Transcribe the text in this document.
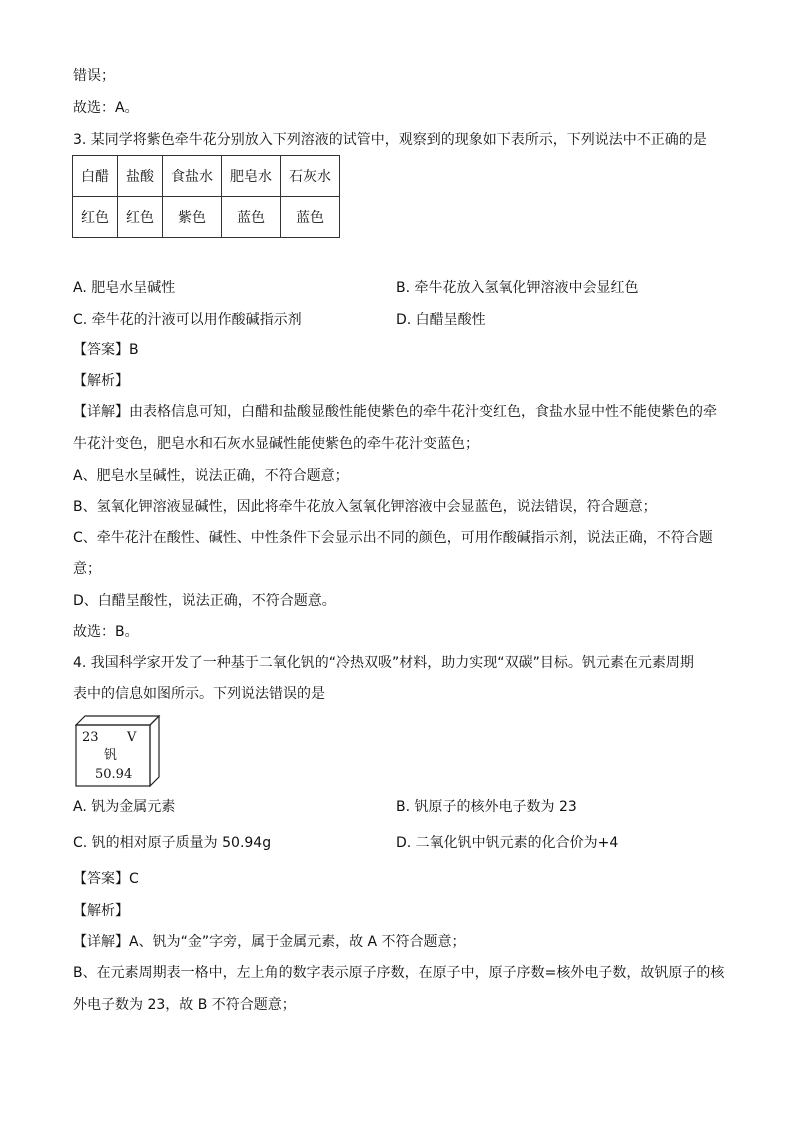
错误；
故选：A。
3. 某同学将紫色牵牛花分别放入下列溶液的试管中，观察到的现象如下表所示，下列说法中不正确的是
白醋	盐酸	食盐水	肥皂水	石灰水
红色	红色	紫色	蓝色	蓝色
A. 肥皂水呈碱性	B. 牵牛花放入氢氧化钾溶液中会显红色
C. 牵牛花的汁液可以用作酸碱指示剂	D. 白醋呈酸性
【答案】B
【解析】
【详解】由表格信息可知，白醋和盐酸显酸性能使紫色的牵牛花汁变红色，食盐水显中性不能使紫色的牵
牛花汁变色，肥皂水和石灰水显碱性能使紫色的牵牛花汁变蓝色；
A、肥皂水呈碱性，说法正确，不符合题意；
B、氢氧化钾溶液显碱性，因此将牵牛花放入氢氧化钾溶液中会显蓝色，说法错误，符合题意；
C、牵牛花汁在酸性、碱性、中性条件下会显示出不同的颜色，可用作酸碱指示剂，说法正确，不符合题
意；
D、白醋呈酸性，说法正确，不符合题意。
故选：B。
4. 我国科学家开发了一种基于二氧化钒的“冷热双吸”材料，助力实现“双碳”目标。钒元素在元素周期
表中的信息如图所示。下列说法错误的是
23 V
钒
50.94
A. 钒为金属元素	B. 钒原子的核外电子数为 23
C. 钒的相对原子质量为 50.94g	D. 二氧化钒中钒元素的化合价为+4
【答案】C
【解析】
【详解】A、钒为“金”字旁，属于金属元素，故 A 不符合题意；
B、在元素周期表一格中，左上角的数字表示原子序数，在原子中，原子序数=核外电子数，故钒原子的核
外电子数为 23，故 B 不符合题意；
